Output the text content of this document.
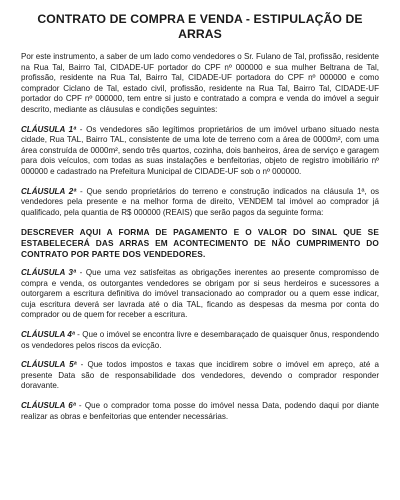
CONTRATO DE COMPRA E VENDA - ESTIPULAÇÃO DE ARRAS

Por este instrumento, a saber de um lado como vendedores o Sr. Fulano de Tal, profissão, residente na Rua Tal, Bairro Tal, CIDADE-UF portador do CPF nº 000000 e sua mulher Beltrana de Tal, profissão, residente na Rua Tal, Bairro Tal, CIDADE-UF portadora do CPF nº 000000 e como comprador Ciclano de Tal, estado civil, profissão, residente na Rua Tal, Bairro Tal, CIDADE-UF portador do CPF nº 000000, tem entre si justo e contratado a compra e venda do imóvel a seguir descrito, mediante as cláusulas e condições seguintes:

CLÁUSULA 1ª - Os vendedores são legítimos proprietários de um imóvel urbano situado nesta cidade, Rua TAL, Bairro TAL, consistente de uma lote de terreno com a área de 0000m², com uma área construída de 0000m², sendo três quartos, cozinha, dois banheiros, área de serviço e garagem para dois veículos, com todas as suas instalações e benfeitorias, objeto de registro imobiliário nº 000000 e cadastrado na Prefeitura Municipal de CIDADE-UF sob o nº 000000.

CLÁUSULA 2ª - Que sendo proprietários do terreno e construção indicados na cláusula 1ª, os vendedores pela presente e na melhor forma de direito, VENDEM tal imóvel ao comprador já qualificado, pela quantia de R$ 000000 (REAIS) que serão pagos da seguinte forma:

DESCREVER AQUI A FORMA DE PAGAMENTO E O VALOR DO SINAL QUE SE ESTABELECERÁ DAS ARRAS EM ACONTECIMENTO DE NÃO CUMPRIMENTO DO CONTRATO POR PARTE DOS VENDEDORES.

CLÁUSULA 3ª - Que uma vez satisfeitas as obrigações inerentes ao presente compromisso de compra e venda, os outorgantes vendedores se obrigam por si seus herdeiros e sucessores a outorgarem a escritura definitiva do imóvel transacionado ao comprador ou a quem esse indicar, cuja escritura deverá ser lavrada até o dia TAL, ficando as despesas da mesma por conta do comprador ou de quem for receber a escritura.

CLÁUSULA 4ª - Que o imóvel se encontra livre e desembaraçado de quaisquer ônus, respondendo os vendedores pelos riscos da evicção.

CLÁUSULA 5ª - Que todos impostos e taxas que incidirem sobre o imóvel em apreço, até a presente Data são de responsabilidade dos vendedores, devendo o comprador responder doravante.

CLÁUSULA 6ª - Que o comprador toma posse do imóvel nessa Data, podendo daqui por diante realizar as obras e benfeitorias que entender necessárias.
